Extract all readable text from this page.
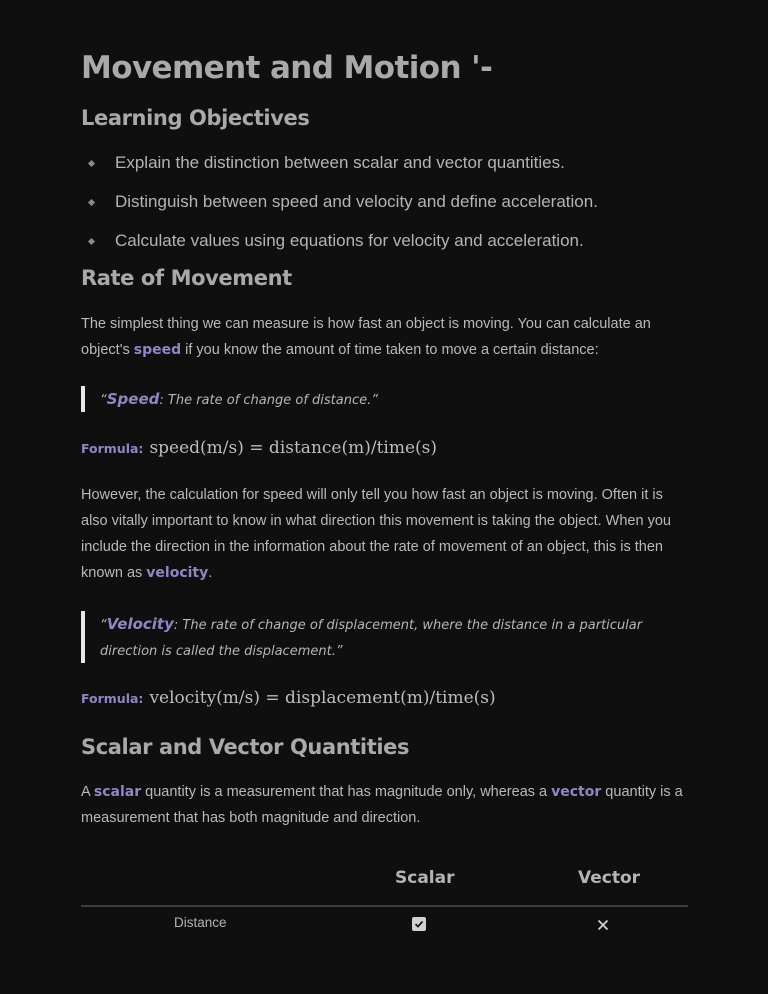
Movement and Motion '-
Learning Objectives
Explain the distinction between scalar and vector quantities.
Distinguish between speed and velocity and define acceleration.
Calculate values using equations for velocity and acceleration.
Rate of Movement

The simplest thing we can measure is how fast an object is moving. You can calculate an object's speed if you know the amount of time taken to move a certain distance:

“Speed: The rate of change of distance.”
Formula: speed(m/s) = distance(m)/time(s)

However, the calculation for speed will only tell you how fast an object is moving. Often it is also vitally important to know in what direction this movement is taking the object. When you include the direction in the information about the rate of movement of an object, this is then known as velocity.

“Velocity: The rate of change of displacement, where the distance in a particular direction is called the displacement.”
Formula: velocity(m/s) = displacement(m)/time(s)
Scalar and Vector Quantities

A scalar quantity is a measurement that has magnitude only, whereas a vector quantity is a measurement that has both magnitude and direction.

Scalar	Vector
Distance
